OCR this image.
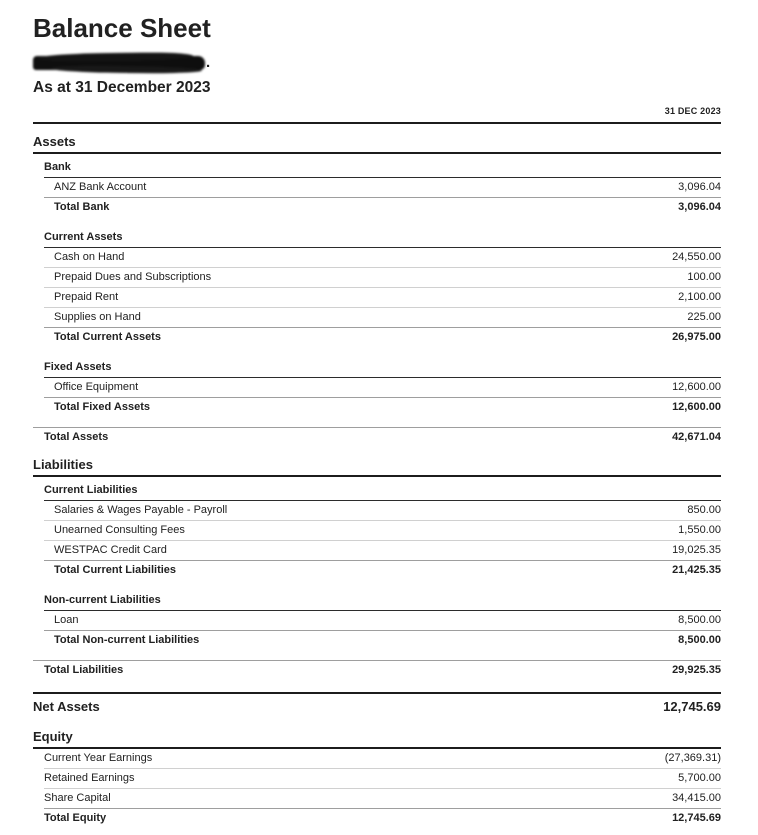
Balance Sheet
.
As at 31 December 2023
31 DEC 2023
Assets
Bank
ANZ Bank Account	3,096.04
Total Bank	3,096.04
Current Assets
Cash on Hand	24,550.00
Prepaid Dues and Subscriptions	100.00
Prepaid Rent	2,100.00
Supplies on Hand	225.00
Total Current Assets	26,975.00
Fixed Assets
Office Equipment	12,600.00
Total Fixed Assets	12,600.00
Total Assets	42,671.04
Liabilities
Current Liabilities
Salaries & Wages Payable - Payroll	850.00
Unearned Consulting Fees	1,550.00
WESTPAC Credit Card	19,025.35
Total Current Liabilities	21,425.35
Non-current Liabilities
Loan	8,500.00
Total Non-current Liabilities	8,500.00
Total Liabilities	29,925.35
Net Assets	12,745.69
Equity
Current Year Earnings	(27,369.31)
Retained Earnings	5,700.00
Share Capital	34,415.00
Total Equity	12,745.69
